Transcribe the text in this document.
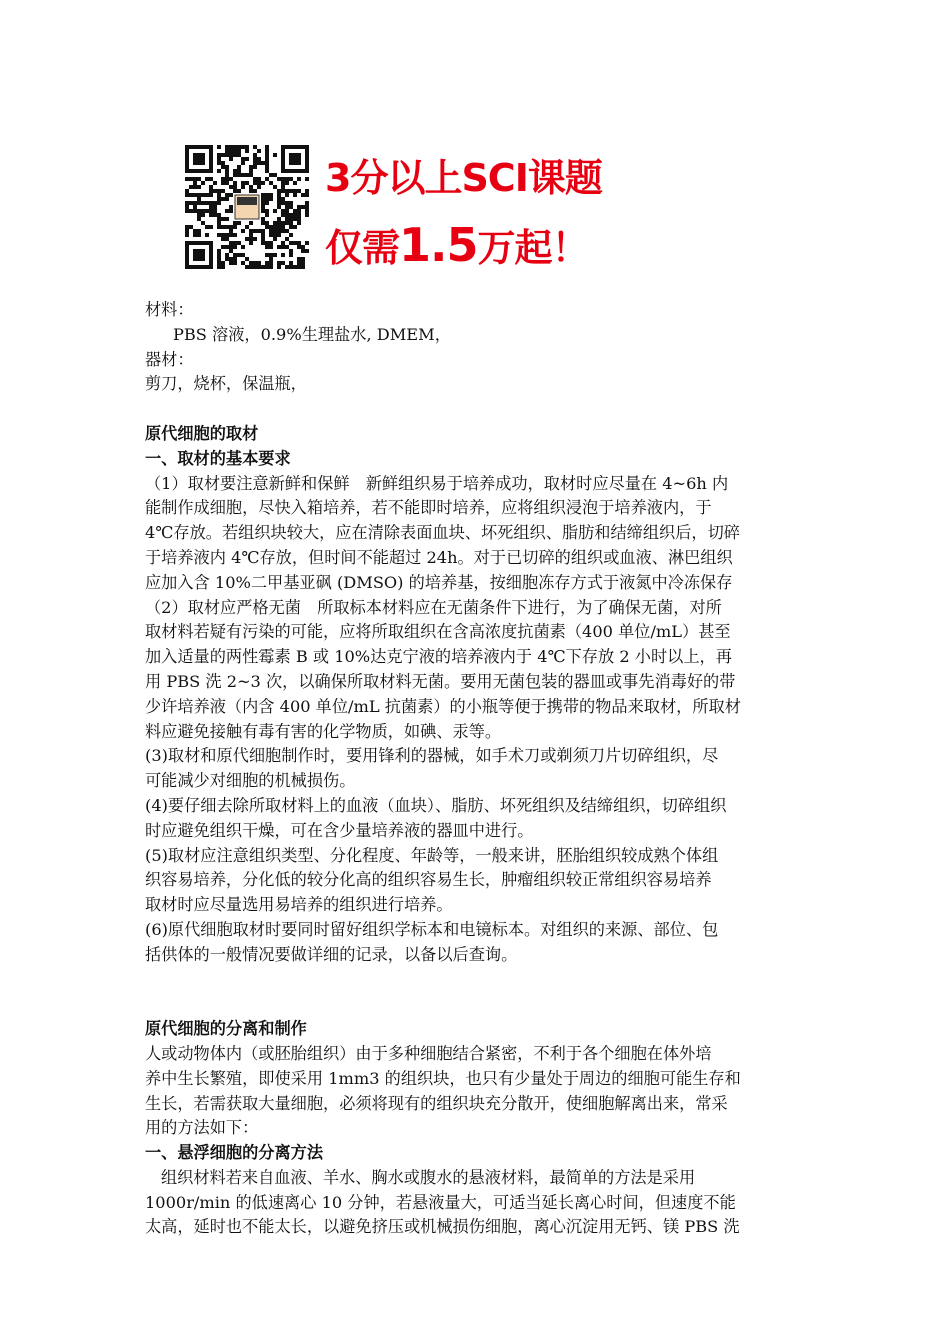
3分以上SCI课题
仅需1.5万起！

材料：

PBS 溶液，0.9%生理盐水, DMEM，

器材：

剪刀，烧杯，保温瓶，

原代细胞的取材

一、取材的基本要求

（1）取材要注意新鲜和保鲜　新鲜组织易于培养成功，取材时应尽量在 4~6h 内

能制作成细胞，尽快入箱培养，若不能即时培养，应将组织浸泡于培养液内，于

4℃存放。若组织块较大，应在清除表面血块、坏死组织、脂肪和结缔组织后，切碎

于培养液内 4℃存放，但时间不能超过 24h。对于已切碎的组织或血液、淋巴组织

应加入含 10%二甲基亚砜 (DMSO) 的培养基，按细胞冻存方式于液氮中冷冻保存

（2）取材应严格无菌　所取标本材料应在无菌条件下进行，为了确保无菌，对所

取材料若疑有污染的可能，应将所取组织在含高浓度抗菌素（400 单位/mL）甚至

加入适量的两性霉素 B 或 10%达克宁液的培养液内于 4℃下存放 2 小时以上，再

用 PBS 洗 2~3 次，以确保所取材料无菌。要用无菌包装的器皿或事先消毒好的带

少许培养液（内含 400 单位/mL 抗菌素）的小瓶等便于携带的物品来取材，所取材

料应避免接触有毒有害的化学物质，如碘、汞等。

(3)取材和原代细胞制作时，要用锋利的器械，如手术刀或剃须刀片切碎组织，尽

可能减少对细胞的机械损伤。

(4)要仔细去除所取材料上的血液（血块）、脂肪、坏死组织及结缔组织，切碎组织

时应避免组织干燥，可在含少量培养液的器皿中进行。

(5)取材应注意组织类型、分化程度、年龄等，一般来讲，胚胎组织较成熟个体组

织容易培养，分化低的较分化高的组织容易生长，肿瘤组织较正常组织容易培养

取材时应尽量选用易培养的组织进行培养。

(6)原代细胞取材时要同时留好组织学标本和电镜标本。对组织的来源、部位、包

括供体的一般情况要做详细的记录，以备以后查询。

原代细胞的分离和制作

人或动物体内（或胚胎组织）由于多种细胞结合紧密，不利于各个细胞在体外培

养中生长繁殖，即使采用 1mm3 的组织块，也只有少量处于周边的细胞可能生存和

生长，若需获取大量细胞，必须将现有的组织块充分散开，使细胞解离出来，常采

用的方法如下：

一、悬浮细胞的分离方法

组织材料若来自血液、羊水、胸水或腹水的悬液材料，最简单的方法是采用

1000r/min 的低速离心 10 分钟，若悬液量大，可适当延长离心时间，但速度不能

太高，延时也不能太长，以避免挤压或机械损伤细胞，离心沉淀用无钙、镁 PBS 洗
